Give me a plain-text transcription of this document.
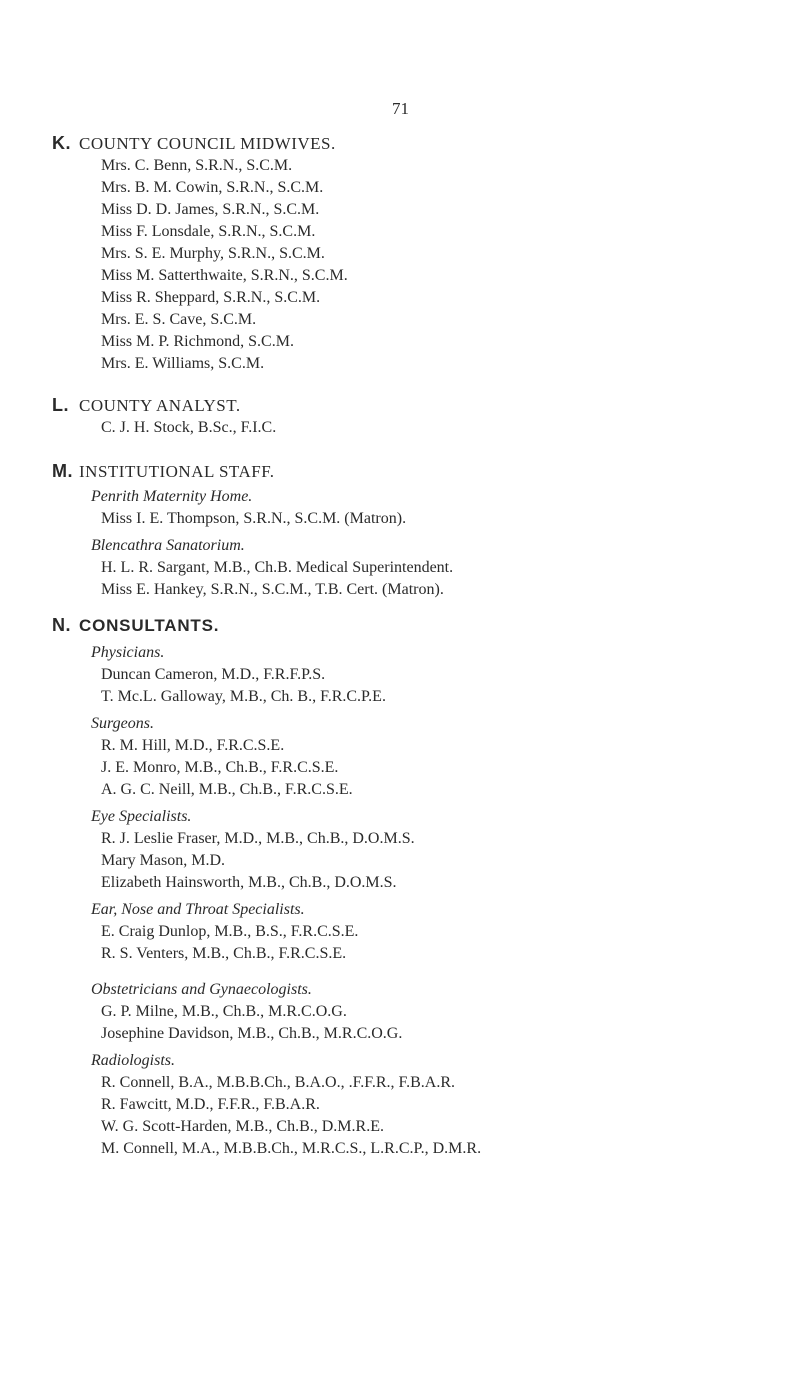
71
K. COUNTY COUNCIL MIDWIVES.
Mrs. C. Benn, S.R.N., S.C.M.
Mrs. B. M. Cowin, S.R.N., S.C.M.
Miss D. D. James, S.R.N., S.C.M.
Miss F. Lonsdale, S.R.N., S.C.M.
Mrs. S. E. Murphy, S.R.N., S.C.M.
Miss M. Satterthwaite, S.R.N., S.C.M.
Miss R. Sheppard, S.R.N., S.C.M.
Mrs. E. S. Cave, S.C.M.
Miss M. P. Richmond, S.C.M.
Mrs. E. Williams, S.C.M.
L. COUNTY ANALYST.
C. J. H. Stock, B.Sc., F.I.C.
M. INSTITUTIONAL STAFF.
Penrith Maternity Home.
Miss I. E. Thompson, S.R.N., S.C.M. (Matron).
Blencathra Sanatorium.
H. L. R. Sargant, M.B., Ch.B. Medical Superintendent.
Miss E. Hankey, S.R.N., S.C.M., T.B. Cert. (Matron).
N. CONSULTANTS.
Physicians.
Duncan Cameron, M.D., F.R.F.P.S.
T. Mc.L. Galloway, M.B., Ch. B., F.R.C.P.E.
Surgeons.
R. M. Hill, M.D., F.R.C.S.E.
J. E. Monro, M.B., Ch.B., F.R.C.S.E.
A. G. C. Neill, M.B., Ch.B., F.R.C.S.E.
Eye Specialists.
R. J. Leslie Fraser, M.D., M.B., Ch.B., D.O.M.S.
Mary Mason, M.D.
Elizabeth Hainsworth, M.B., Ch.B., D.O.M.S.
Ear, Nose and Throat Specialists.
E. Craig Dunlop, M.B., B.S., F.R.C.S.E.
R. S. Venters, M.B., Ch.B., F.R.C.S.E.
Obstetricians and Gynaecologists.
G. P. Milne, M.B., Ch.B., M.R.C.O.G.
Josephine Davidson, M.B., Ch.B., M.R.C.O.G.
Radiologists.
R. Connell, B.A., M.B.B.Ch., B.A.O., .F.F.R., F.B.A.R.
R. Fawcitt, M.D., F.F.R., F.B.A.R.
W. G. Scott-Harden, M.B., Ch.B., D.M.R.E.
M. Connell, M.A., M.B.B.Ch., M.R.C.S., L.R.C.P., D.M.R.
